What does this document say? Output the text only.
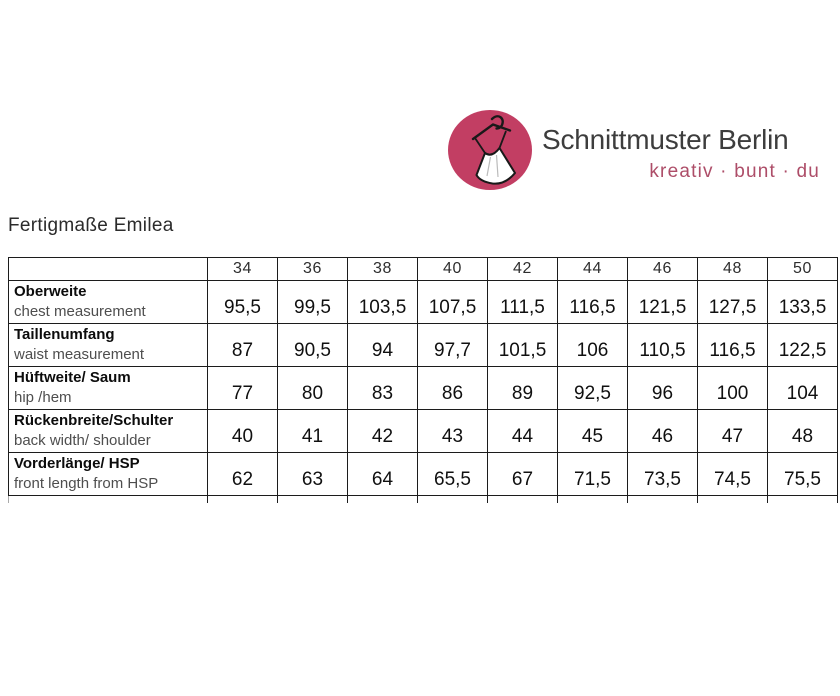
Schnittmuster Berlin
kreativ · bunt · du
Fertigmaße Emilea
	34	36	38	40	42	44	46	48	50

Oberweite
chest measurement	95,5	99,5	103,5	107,5	111,5	116,5	121,5	127,5	133,5

Taillenumfang
waist measurement	87	90,5	94	97,7	101,5	106	110,5	116,5	122,5

Hüftweite/ Saum
hip /hem	77	80	83	86	89	92,5	96	100	104

Rückenbreite/Schulter
back width/ shoulder	40	41	42	43	44	45	46	47	48

Vorderlänge/ HSP
front length from HSP	62	63	64	65,5	67	71,5	73,5	74,5	75,5
